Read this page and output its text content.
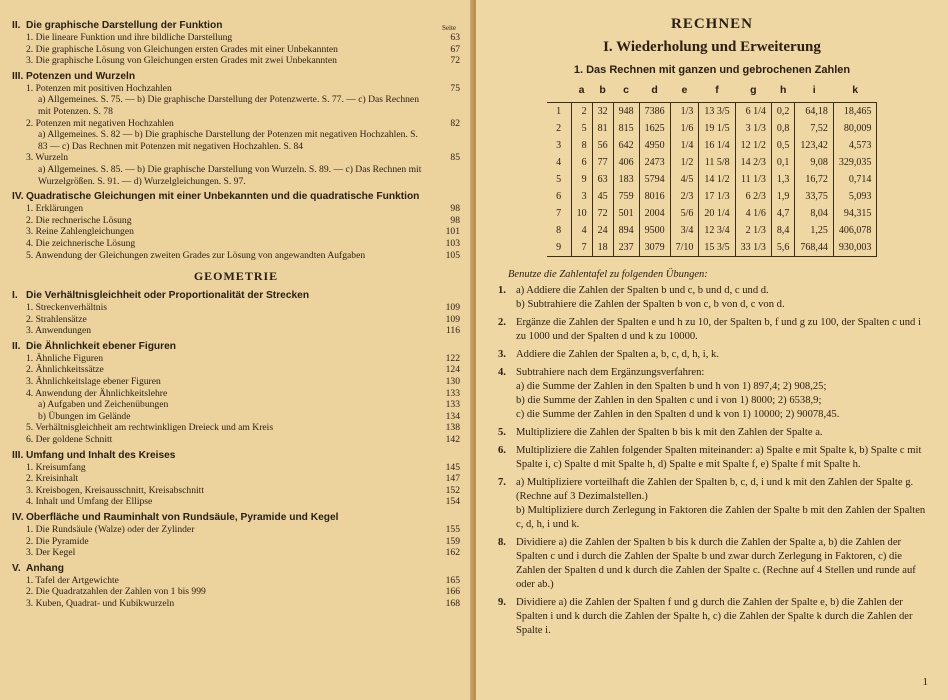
Seite
II.Die graphische Darstellung der Funktion
1. Die lineare Funktion und ihre bildliche Darstellung	63
2. Die graphische Lösung von Gleichungen ersten Grades mit einer Unbekannten	67
3. Die graphische Lösung von Gleichungen ersten Grades mit zwei Unbekannten	72
III.Potenzen und Wurzeln
1. Potenzen mit positiven Hochzahlen	75
a) Allgemeines. S. 75. — b) Die graphische Darstellung der Potenzwerte. S. 77. — c) Das Rechnen mit Potenzen. S. 78
2. Potenzen mit negativen Hochzahlen	82
a) Allgemeines. S. 82 — b) Die graphische Darstellung der Potenzen mit negativen Hochzahlen. S. 83 — c) Das Rechnen mit Potenzen mit negativen Hochzahlen. S. 84
3. Wurzeln	85
a) Allgemeines. S. 85. — b) Die graphische Darstellung von Wurzeln. S. 89. — c) Das Rechnen mit Wurzelgrößen. S. 91. — d) Wurzelgleichungen. S. 97.
IV.Quadratische Gleichungen mit einer Unbekannten und die quadratische Funktion
1. Erklärungen	98
2. Die rechnerische Lösung	98
3. Reine Zahlengleichungen	101
4. Die zeichnerische Lösung	103
5. Anwendung der Gleichungen zweiten Grades zur Lösung von angewandten Aufgaben	105
GEOMETRIE
I.Die Verhältnisgleichheit oder Proportionalität der Strecken
1. Streckenverhältnis	109
2. Strahlensätze	109
3. Anwendungen	116
II.Die Ähnlichkeit ebener Figuren
1. Ähnliche Figuren	122
2. Ähnlichkeitssätze	124
3. Ähnlichkeitslage ebener Figuren	130
4. Anwendung der Ähnlichkeitslehre	133
a) Aufgaben und Zeichenübungen	133
b) Übungen im Gelände	134
5. Verhältnisgleichheit am rechtwinkligen Dreieck und am Kreis	138
6. Der goldene Schnitt	142
III.Umfang und Inhalt des Kreises
1. Kreisumfang	145
2. Kreisinhalt	147
3. Kreisbogen, Kreisausschnitt, Kreisabschnitt	152
4. Inhalt und Umfang der Ellipse	154
IV.Oberfläche und Rauminhalt von Rundsäule, Pyramide und Kegel
1. Die Rundsäule (Walze) oder der Zylinder	155
2. Die Pyramide	159
3. Der Kegel	162
V.Anhang
1. Tafel der Artgewichte	165
2. Die Quadratzahlen der Zahlen von 1 bis 999	166
3. Kuben, Quadrat- und Kubikwurzeln	168
RECHNEN
I. Wiederholung und Erweiterung
1. Das Rechnen mit ganzen und gebrochenen Zahlen
	a	b	c	d	e	f	g	h	i	k
1	2	32	948	7386	1/3	13 3/5	6 1/4	0,2	64,18	18,465
2	5	81	815	1625	1/6	19 1/5	3 1/3	0,8	7,52	80,009
3	8	56	642	4950	1/4	16 1/4	12 1/2	0,5	123,42	4,573
4	6	77	406	2473	1/2	11 5/8	14 2/3	0,1	9,08	329,035
5	9	63	183	5794	4/5	14 1/2	11 1/3	1,3	16,72	0,714
6	3	45	759	8016	2/3	17 1/3	6 2/3	1,9	33,75	5,093
7	10	72	501	2004	5/6	20 1/4	4 1/6	4,7	8,04	94,315
8	4	24	894	9500	3/4	12 3/4	2 1/3	8,4	1,25	406,078
9	7	18	237	3079	7/10	15 3/5	33 1/3	5,6	768,44	930,003
Benutze die Zahlentafel zu folgenden Übungen:
1. a) Addiere die Zahlen der Spalten b und c, b und d, c und d.
b) Subtrahiere die Zahlen der Spalten b von c, b von d, c von d.
2. Ergänze die Zahlen der Spalten e und h zu 10, der Spalten b, f und g zu 100, der Spalten c und i zu 1000 und der Spalten d und k zu 10000.
3. Addiere die Zahlen der Spalten a, b, c, d, h, i, k.
4. Subtrahiere nach dem Ergänzungsverfahren:
a) die Summe der Zahlen in den Spalten b und h von 1) 897,4; 2) 908,25;
b) die Summe der Zahlen in den Spalten c und i von 1) 8000; 2) 6538,9;
c) die Summe der Zahlen in den Spalten d und k von 1) 10000; 2) 90078,45.
5. Multipliziere die Zahlen der Spalten b bis k mit den Zahlen der Spalte a.
6. Multipliziere die Zahlen folgender Spalten miteinander: a) Spalte e mit Spalte k, b) Spalte c mit Spalte i, c) Spalte d mit Spalte h, d) Spalte e mit Spalte f, e) Spalte f mit Spalte h.
7. a) Multipliziere vorteilhaft die Zahlen der Spalten b, c, d, i und k mit den Zahlen der Spalte g. (Rechne auf 3 Dezimalstellen.)
b) Multipliziere durch Zerlegung in Faktoren die Zahlen der Spalte b mit den Zahlen der Spalten c, d, h, i und k.
8. Dividiere a) die Zahlen der Spalten b bis k durch die Zahlen der Spalte a, b) die Zahlen der Spalten c und i durch die Zahlen der Spalte b und zwar durch Zerlegung in Faktoren, c) die Zahlen der Spalten d und k durch die Zahlen der Spalte c. (Rechne auf 4 Stellen und runde auf oder ab.)
9. Dividiere a) die Zahlen der Spalten f und g durch die Zahlen der Spalte e, b) die Zahlen der Spalten i und k durch die Zahlen der Spalte h, c) die Zahlen der Spalte k durch die Zahlen der Spalte i.
1
